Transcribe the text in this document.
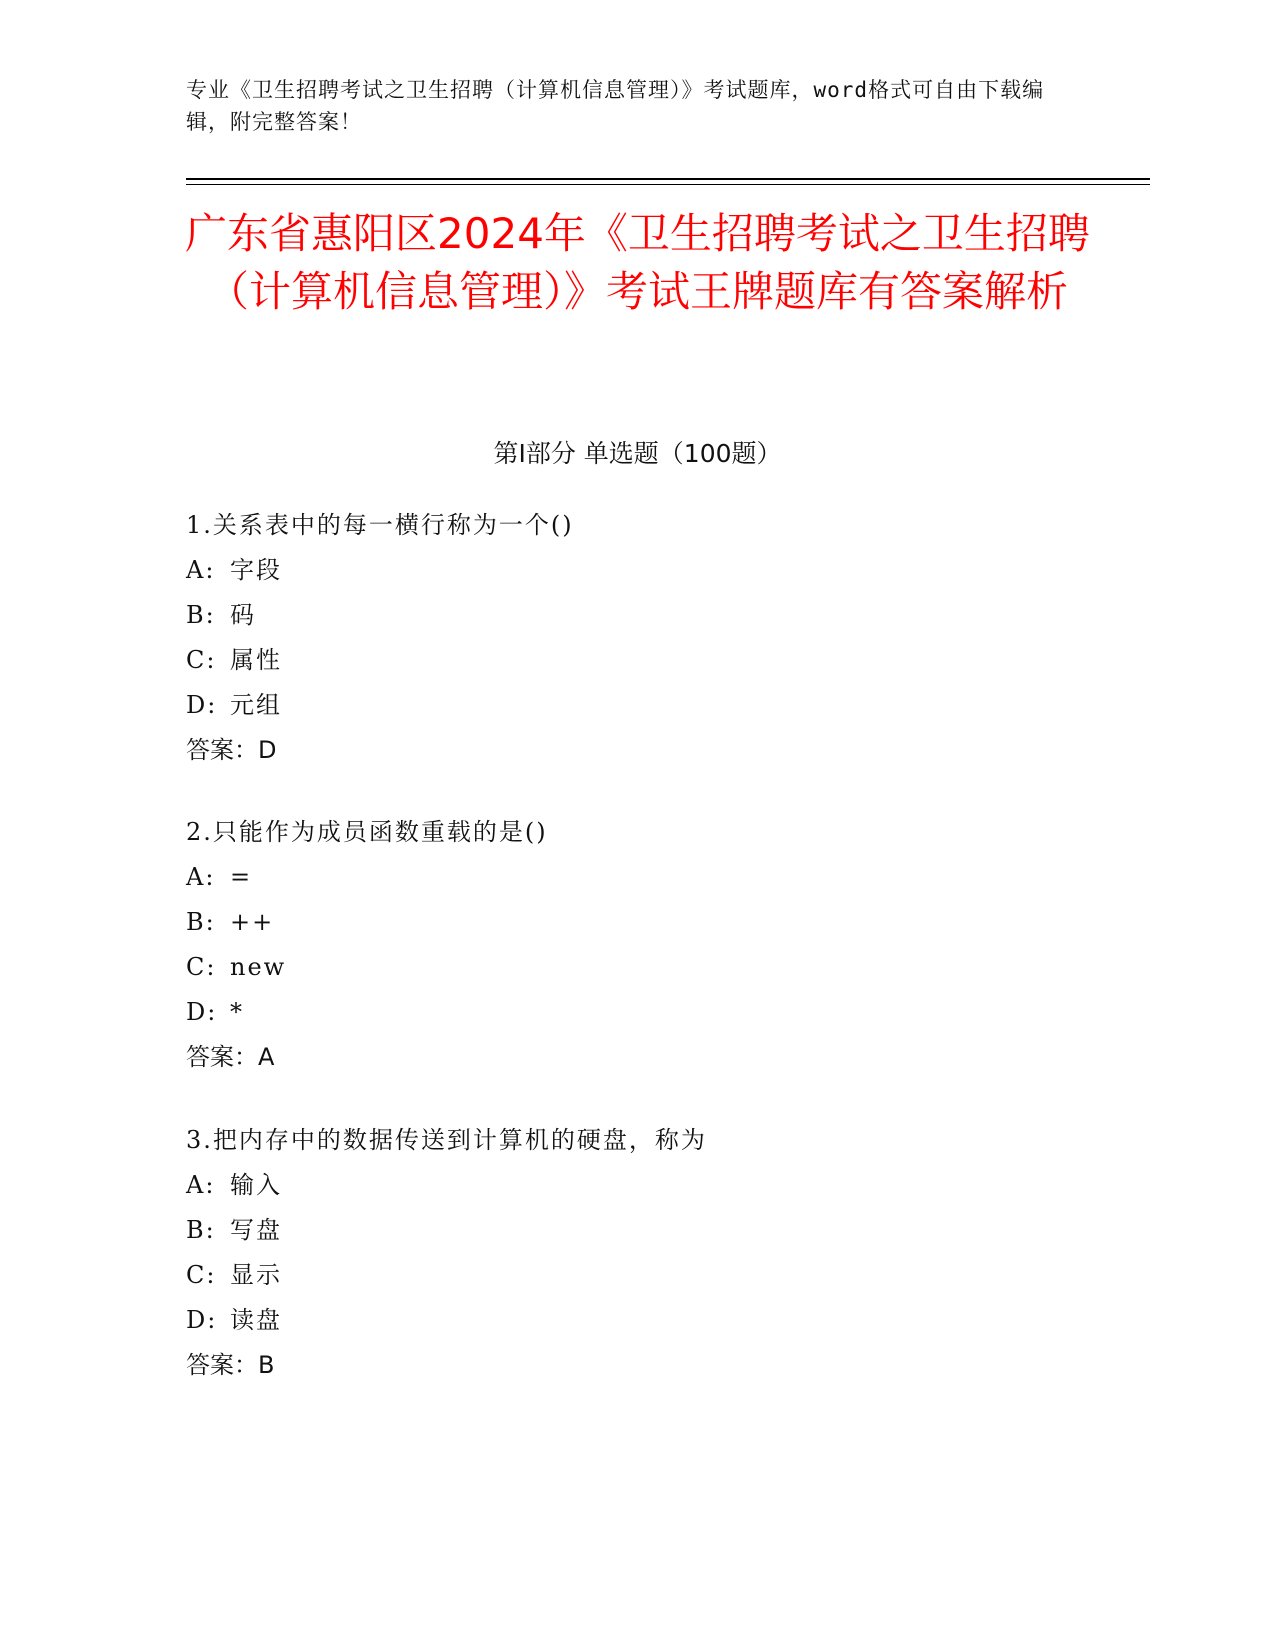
专业《卫生招聘考试之卫生招聘（计算机信息管理）》考试题库，word格式可自由下载编辑，附完整答案！
广东省惠阳区2024年《卫生招聘考试之卫生招聘（计算机信息管理）》考试王牌题库有答案解析
第Ⅰ部分 单选题（100题）
1.关系表中的每一横行称为一个()
A: 字段
B: 码
C: 属性
D: 元组
答案：D
2.只能作为成员函数重载的是()
A: =
B: ++
C: new
D: *
答案：A
3.把内存中的数据传送到计算机的硬盘，称为
A: 输入
B: 写盘
C: 显示
D: 读盘
答案：B
